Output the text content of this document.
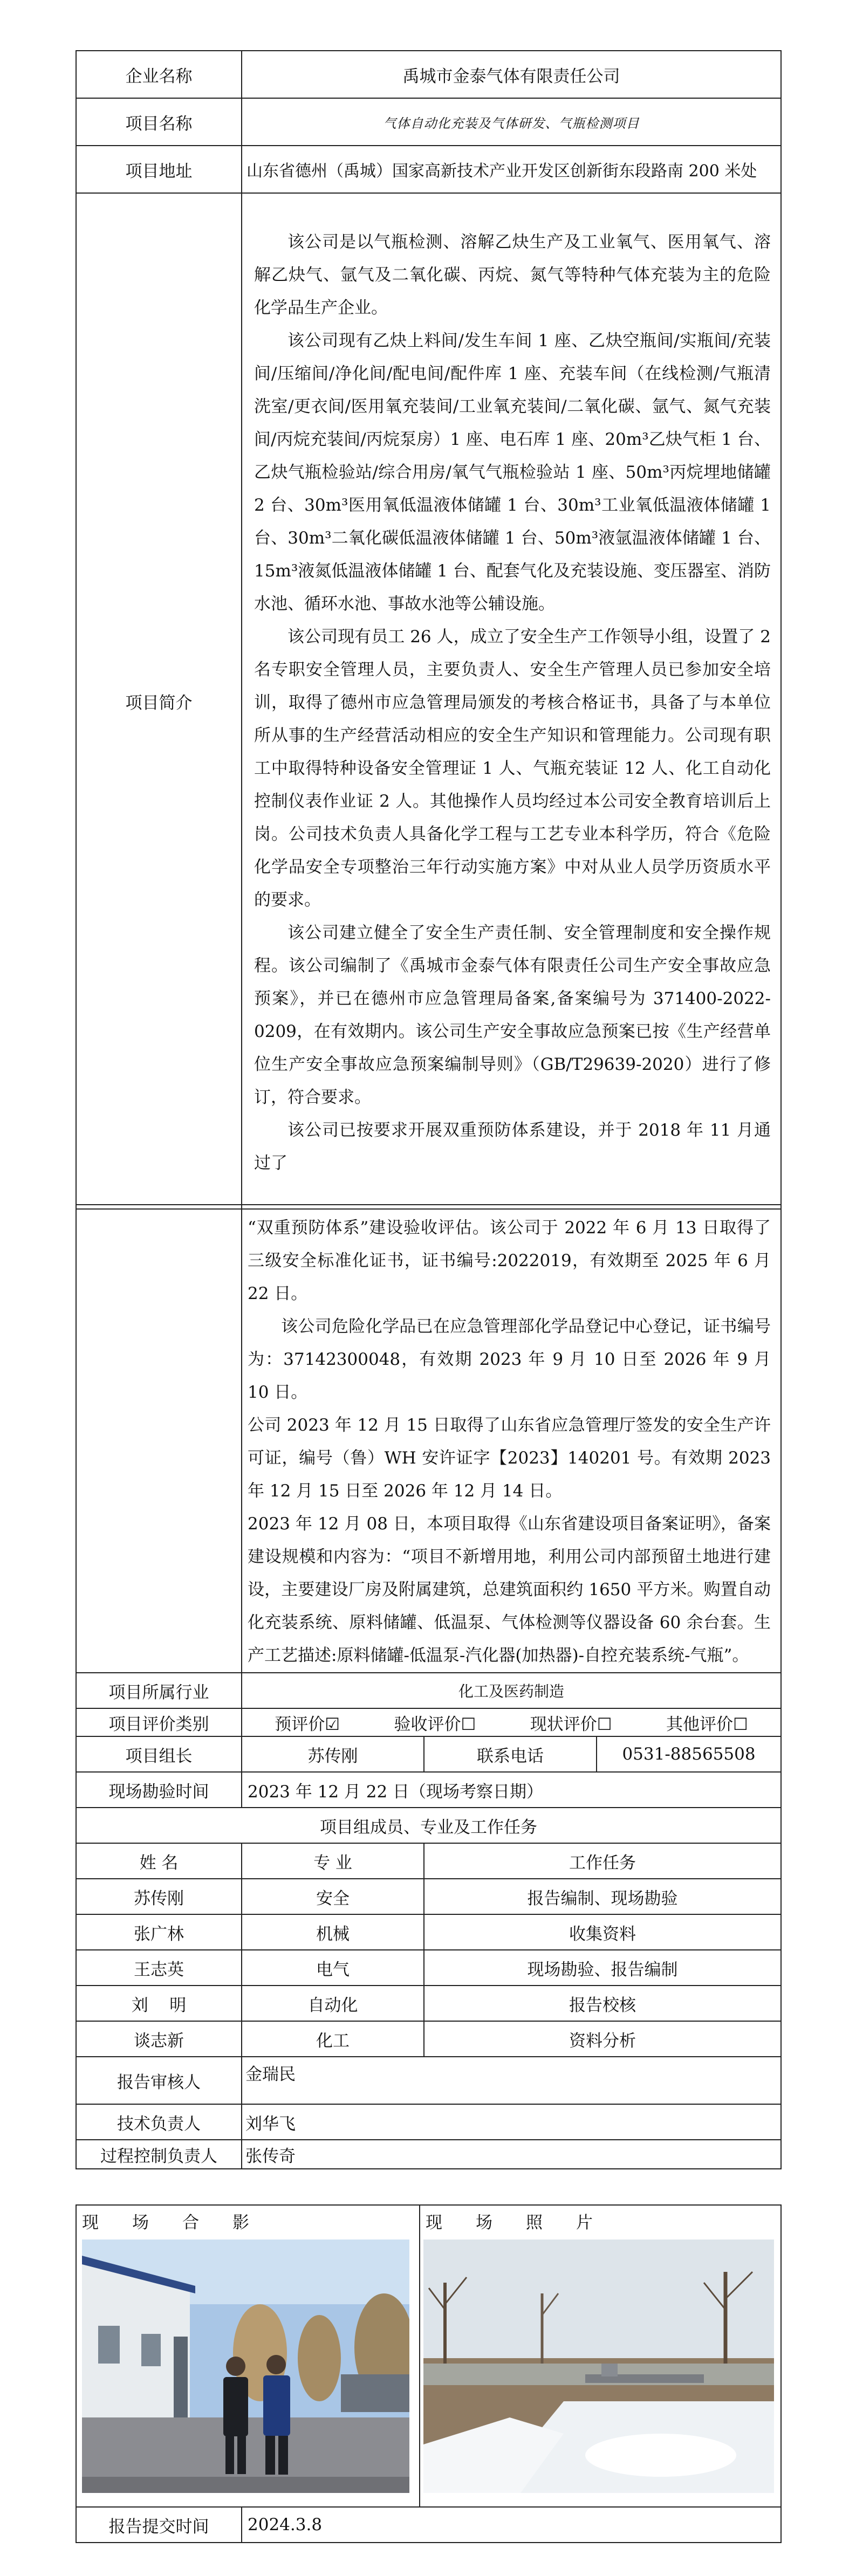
企业名称	禹城市金泰气体有限责任公司
项目名称	气体自动化充装及气体研发、气瓶检测项目
项目地址	山东省德州（禹城）国家高新技术产业开发区创新街东段路南 200 米处
项目简介	该公司是以气瓶检测、溶解乙炔生产及工业氧气、医用氧气、溶解乙炔气、氩气及二氧化碳、丙烷、氮气等特种气体充装为主的危险化学品生产企业。

该公司现有乙炔上料间/发生车间 1 座、乙炔空瓶间/实瓶间/充装间/压缩间/净化间/配电间/配件库 1 座、充装车间（在线检测/气瓶清洗室/更衣间/医用氧充装间/工业氧充装间/二氧化碳、氩气、氮气充装间/丙烷充装间/丙烷泵房）1 座、电石库 1 座、20m³乙炔气柜 1 台、乙炔气瓶检验站/综合用房/氧气气瓶检验站 1 座、50m³丙烷埋地储罐 2 台、30m³医用氧低温液体储罐 1 台、30m³工业氧低温液体储罐 1 台、30m³二氧化碳低温液体储罐 1 台、50m³液氩温液体储罐 1 台、15m³液氮低温液体储罐 1 台、配套气化及充装设施、变压器室、消防水池、循环水池、事故水池等公辅设施。

该公司现有员工 26 人，成立了安全生产工作领导小组，设置了 2 名专职安全管理人员，主要负责人、安全生产管理人员已参加安全培训，取得了德州市应急管理局颁发的考核合格证书，具备了与本单位所从事的生产经营活动相应的安全生产知识和管理能力。公司现有职工中取得特种设备安全管理证 1 人、气瓶充装证 12 人、化工自动化控制仪表作业证 2 人。其他操作人员均经过本公司安全教育培训后上岗。公司技术负责人具备化学工程与工艺专业本科学历，符合《危险化学品安全专项整治三年行动实施方案》中对从业人员学历资质水平的要求。

该公司建立健全了安全生产责任制、安全管理制度和安全操作规程。该公司编制了《禹城市金泰气体有限责任公司生产安全事故应急预案》，并已在德州市应急管理局备案,备案编号为 371400-2022-0209，在有效期内。该公司生产安全事故应急预案已按《生产经营单位生产安全事故应急预案编制导则》（GB/T29639-2020）进行了修订，符合要求。

该公司已按要求开展双重预防体系建设，并于 2018 年 11 月通过了

	“双重预防体系”建设验收评估。该公司于 2022 年 6 月 13 日取得了三级安全标准化证书，证书编号:2022019，有效期至 2025 年 6 月 22 日。

该公司危险化学品已在应急管理部化学品登记中心登记，证书编号为：37142300048，有效期 2023 年 9 月 10 日至 2026 年 9 月 10 日。

公司 2023 年 12 月 15 日取得了山东省应急管理厅签发的安全生产许可证，编号（鲁）WH 安许证字【2023】140201 号。有效期 2023 年 12 月 15 日至 2026 年 12 月 14 日。

2023 年 12 月 08 日，本项目取得《山东省建设项目备案证明》，备案建设规模和内容为：“项目不新增用地，利用公司内部预留土地进行建设，主要建设厂房及附属建筑，总建筑面积约 1650 平方米。购置自动化充装系统、原料储罐、低温泵、气体检测等仪器设备 60 余台套。生产工艺描述:原料储罐-低温泵-汽化器(加热器)-自控充装系统-气瓶”。		

项目所属行业	化工及医药制造		
项目评价类别	预评价☑ 验收评价☐ 现状评价☐ 其他评价☐		

项目组长	苏传刚	联系电话	0531-88565508
现场勘验时间	2023 年 12 月 22 日（现场考察日期）		
项目组成员、专业及工作任务			
姓 名	专 业	工作任务	
苏传刚	安全	报告编制、现场勘验	
张广林	机械	收集资料	
王志英	电气	现场勘验、报告编制	
刘    明	自动化	报告校核	
谈志新	化工	资料分析	
报告审核人	金瑞民		
技术负责人	刘华飞		
过程控制负责人	张传奇		
现　　场　　合　　影		现　　场　　照　　片

报告提交时间	2024.3.8	
